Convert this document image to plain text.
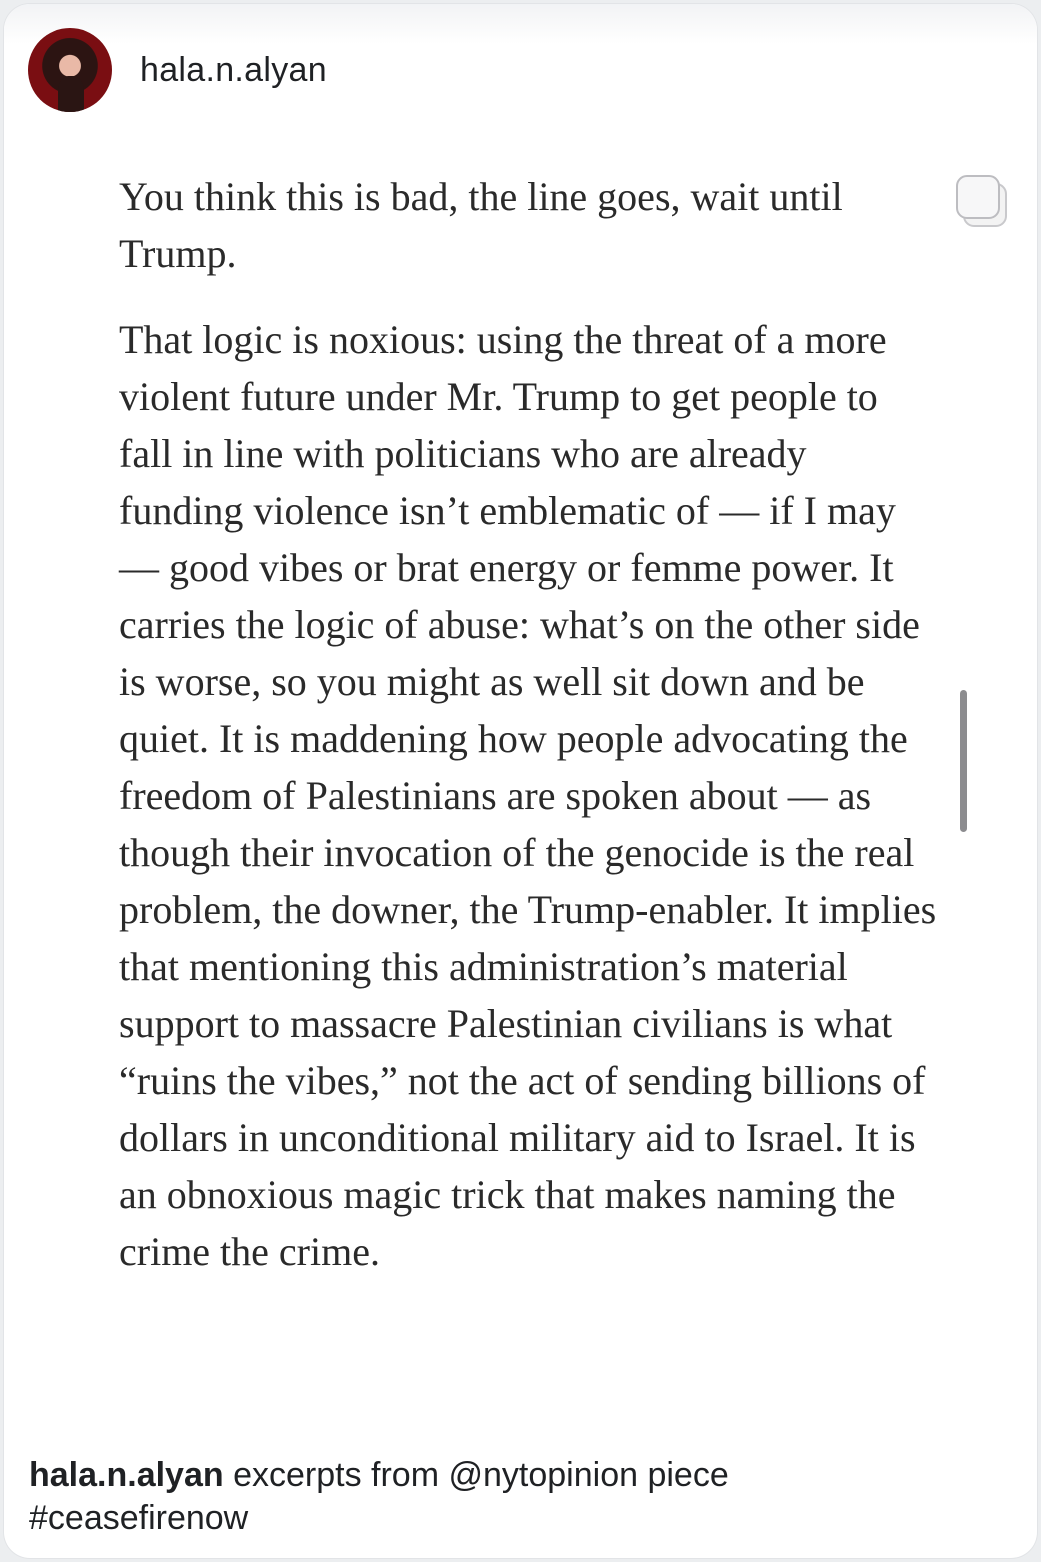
hala.n.alyan

You think this is bad, the line goes, wait until Trump.

That logic is noxious: using the threat of a more violent future under Mr. Trump to get people to fall in line with politicians who are already funding violence isn’t emblematic of — if I may — good vibes or brat energy or femme power. It carries the logic of abuse: what’s on the other side is worse, so you might as well sit down and be quiet. It is maddening how people advocating the freedom of Palestinians are spoken about — as though their invocation of the genocide is the real problem, the downer, the Trump-enabler. It implies that mentioning this administration’s material support to massacre Palestinian civilians is what “ruins the vibes,” not the act of sending billions of dollars in unconditional military aid to Israel. It is an obnoxious magic trick that makes naming the crime the crime.

hala.n.alyan excerpts from @nytopinion piece
#ceasefirenow
